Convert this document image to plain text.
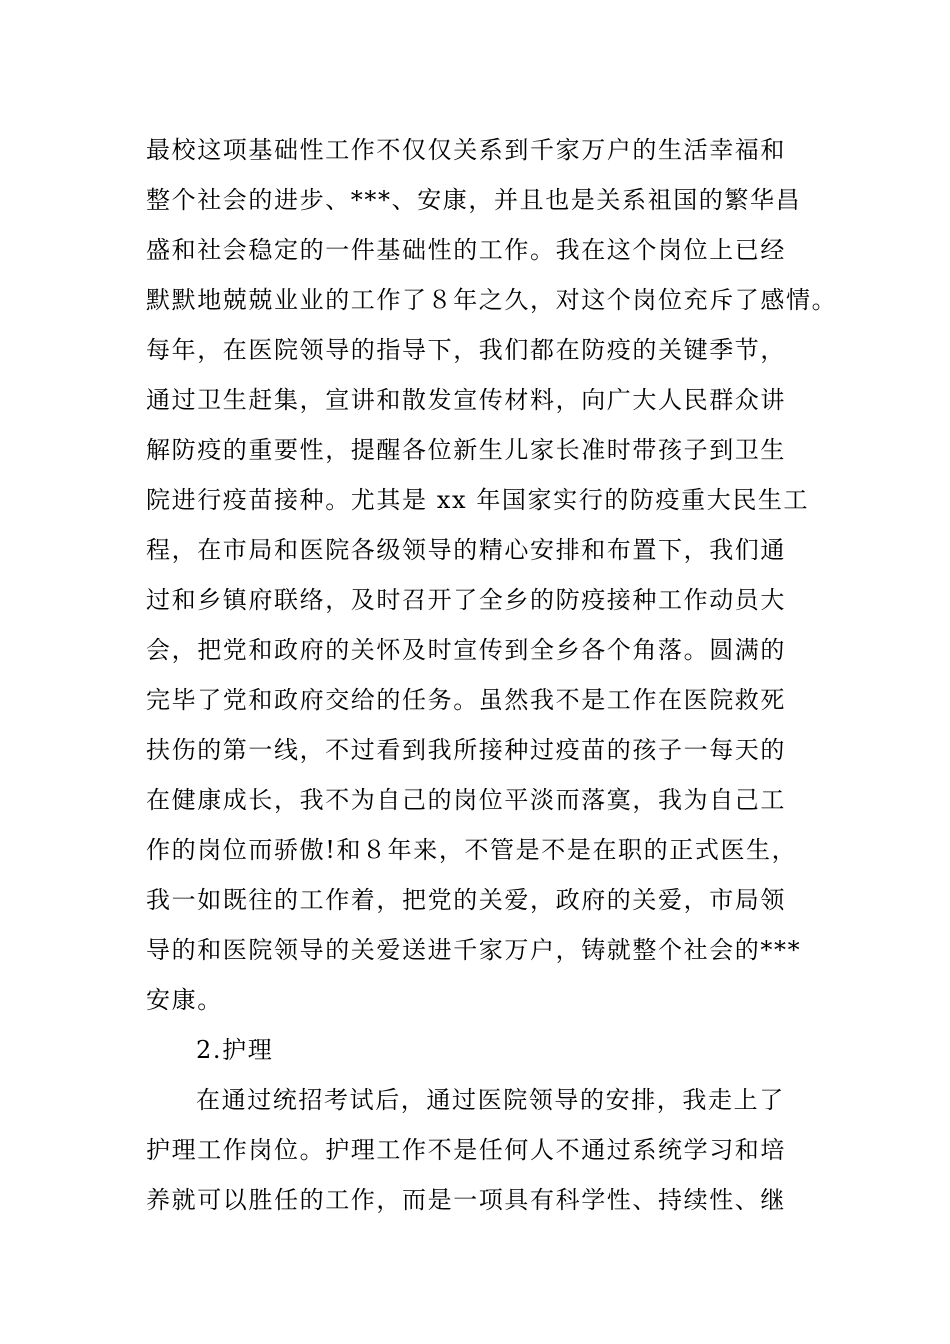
最校这项基础性工作不仅仅关系到千家万户的生活幸福和
整个社会的进步、***、安康，并且也是关系祖国的繁华昌
盛和社会稳定的一件基础性的工作。我在这个岗位上已经
默默地兢兢业业的工作了８年之久，对这个岗位充斥了感情。
每年，在医院领导的指导下，我们都在防疫的关键季节，
通过卫生赶集，宣讲和散发宣传材料，向广大人民群众讲
解防疫的重要性，提醒各位新生儿家长准时带孩子到卫生
院进行疫苗接种。尤其是 xx 年国家实行的防疫重大民生工
程，在市局和医院各级领导的精心安排和布置下，我们通
过和乡镇府联络，及时召开了全乡的防疫接种工作动员大
会，把党和政府的关怀及时宣传到全乡各个角落。圆满的
完毕了党和政府交给的任务。虽然我不是工作在医院救死
扶伤的第一线，不过看到我所接种过疫苗的孩子一每天的
在健康成长，我不为自己的岗位平淡而落寞，我为自己工
作的岗位而骄傲!和８年来，不管是不是在职的正式医生，
我一如既往的工作着，把党的关爱，政府的关爱，市局领
导的和医院领导的关爱送进千家万户，铸就整个社会的***
安康。
2.护理
在通过统招考试后，通过医院领导的安排，我走上了
护理工作岗位。护理工作不是任何人不通过系统学习和培
养就可以胜任的工作，而是一项具有科学性、持续性、继
